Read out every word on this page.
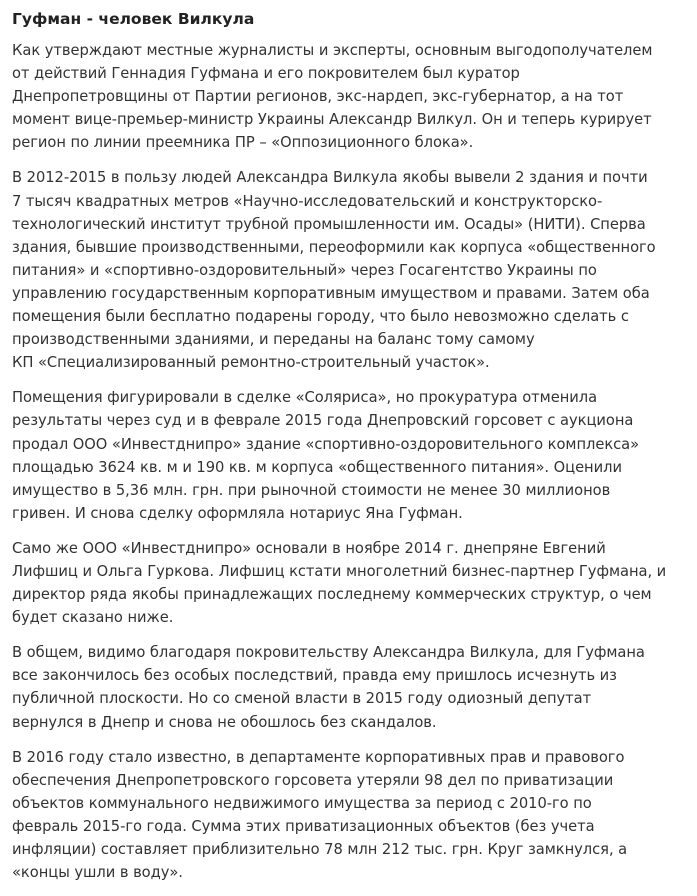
Гуфман - человек Вилкула

Как утверждают местные журналисты и эксперты, основным выгодополучателем
от действий Геннадия Гуфмана и его покровителем был куратор
Днепропетровщины от Партии регионов, экс-нардеп, экс-губернатор, а на тот
момент вице-премьер-министр Украины Александр Вилкул. Он и теперь курирует
регион по линии преемника ПР – «Оппозиционного блока».

В 2012-2015 в пользу людей Александра Вилкула якобы вывели 2 здания и почти
7 тысяч квадратных метров «Научно-исследовательский и конструкторско-
технологический институт трубной промышленности им. Осады» (НИТИ). Сперва
здания, бывшие производственными, переоформили как корпуса «общественного
питания» и «спортивно-оздоровительный» через Госагентство Украины по
управлению государственным корпоративным имуществом и правами. Затем оба
помещения были бесплатно подарены городу, что было невозможно сделать с
производственными зданиями, и переданы на баланс тому самому
КП «Специализированный ремонтно-строительный участок».

Помещения фигурировали в сделке «Соляриса», но прокуратура отменила
результаты через суд и в феврале 2015 года Днепровский горсовет с аукциона
продал ООО «Инвестднипро» здание «спортивно-оздоровительного комплекса»
площадью 3624 кв. м и 190 кв. м корпуса «общественного питания». Оценили
имущество в 5,36 млн. грн. при рыночной стоимости не менее 30 миллионов
гривен. И снова сделку оформляла нотариус Яна Гуфман.

Само же ООО «Инвестднипро» основали в ноябре 2014 г. днепряне Евгений
Лифшиц и Ольга Гуркова. Лифшиц кстати многолетний бизнес-партнер Гуфмана, и
директор ряда якобы принадлежащих последнему коммерческих структур, о чем
будет сказано ниже.

В общем, видимо благодаря покровительству Александра Вилкула, для Гуфмана
все закончилось без особых последствий, правда ему пришлось исчезнуть из
публичной плоскости. Но со сменой власти в 2015 году одиозный депутат
вернулся в Днепр и снова не обошлось без скандалов.

В 2016 году стало известно, в департаменте корпоративных прав и правового
обеспечения Днепропетровского горсовета утеряли 98 дел по приватизации
объектов коммунального недвижимого имущества за период с 2010-го по
февраль 2015-го года. Сумма этих приватизационных объектов (без учета
инфляции) составляет приблизительно 78 млн 212 тыс. грн. Круг замкнулся, а
«концы ушли в воду».
